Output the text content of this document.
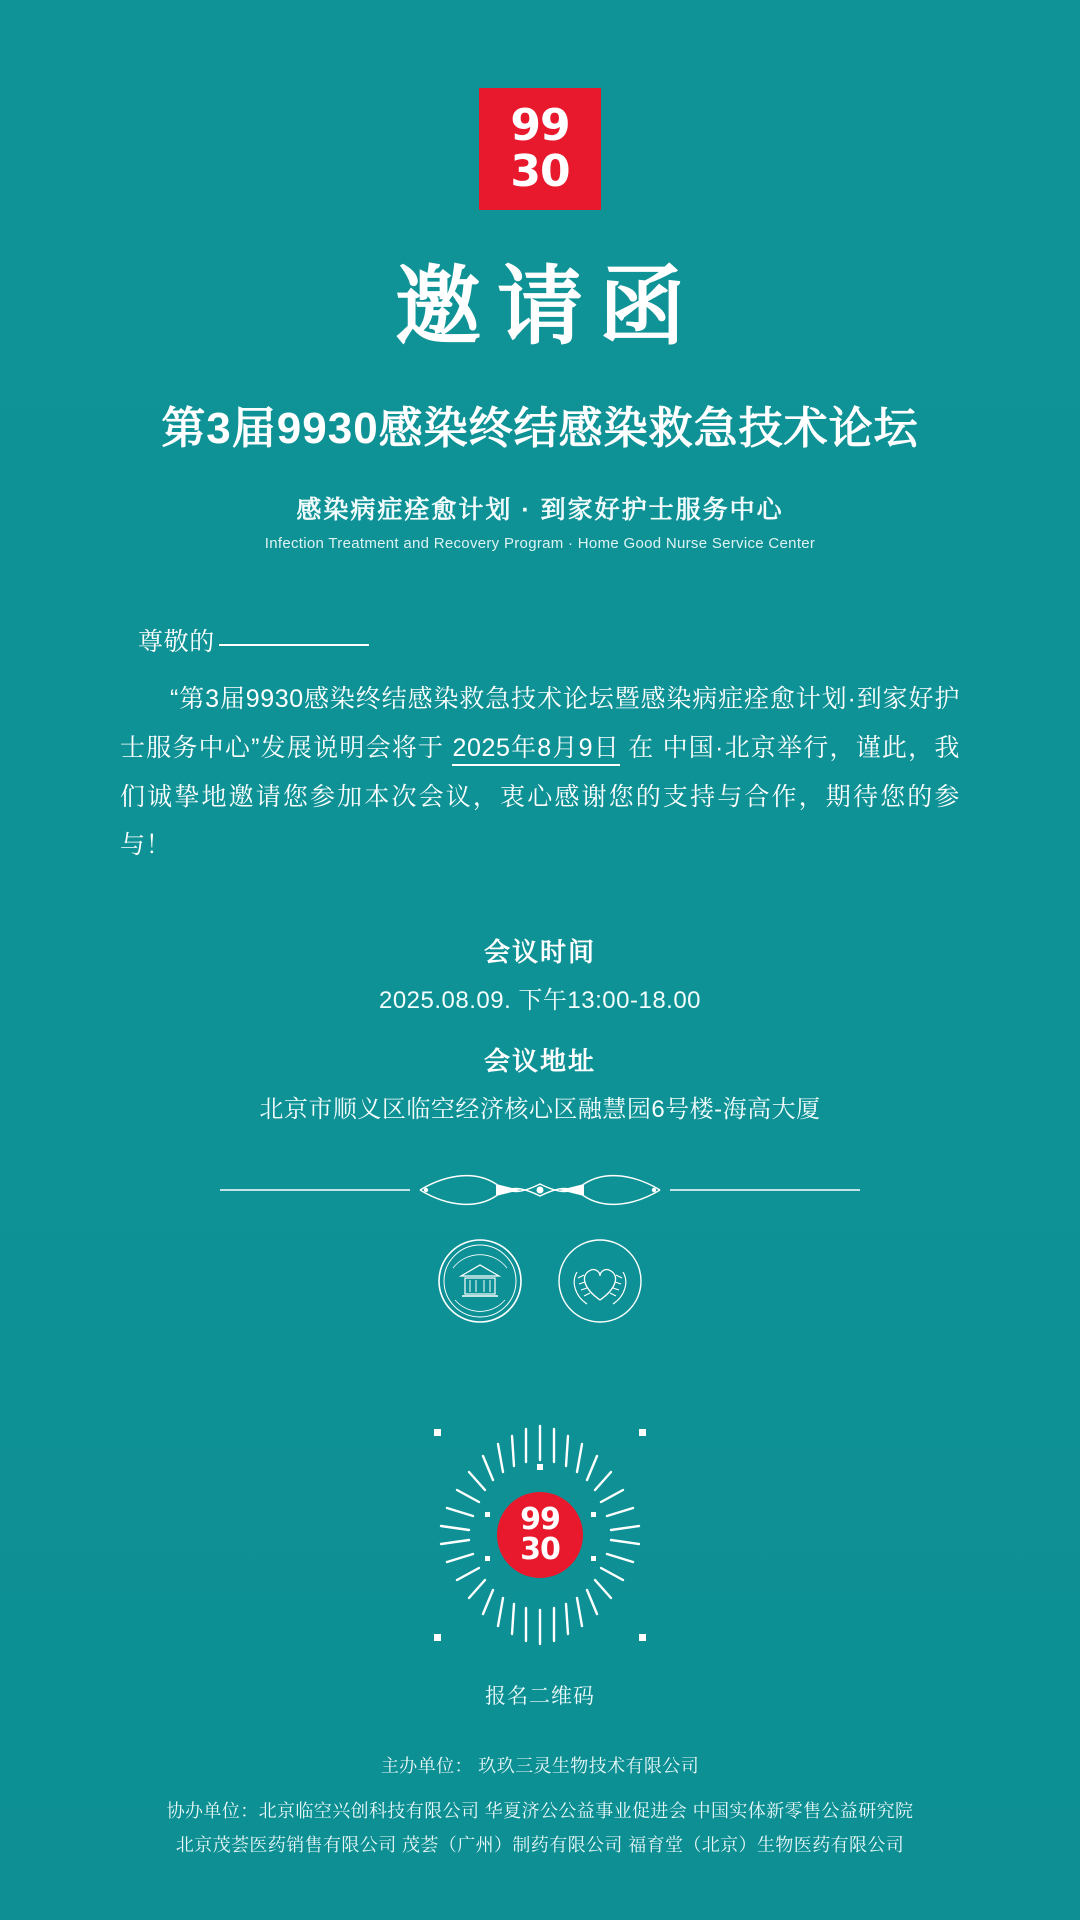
99
30
邀请函
第3届9930感染终结感染救急技术论坛
感染病症痊愈计划 · 到家好护士服务中心
Infection Treatment and Recovery Program · Home Good Nurse Service Center
尊敬的
“第3届9930感染终结感染救急技术论坛暨感染病症痊愈计划·到家好护士服务中心”发展说明会将于 2025年8月9日 在 中国·北京举行，谨此，我们诚挚地邀请您参加本次会议，衷心感谢您的支持与合作，期待您的参与！
会议时间
2025.08.09. 下午13:00-18.00
会议地址
北京市顺义区临空经济核心区融慧园6号楼-海高大厦
99
30
报名二维码
主办单位： 玖玖三灵生物技术有限公司
协办单位：北京临空兴创科技有限公司 华夏济公公益事业促进会 中国实体新零售公益研究院
北京茂荟医药销售有限公司 茂荟（广州）制药有限公司 福育堂（北京）生物医药有限公司
